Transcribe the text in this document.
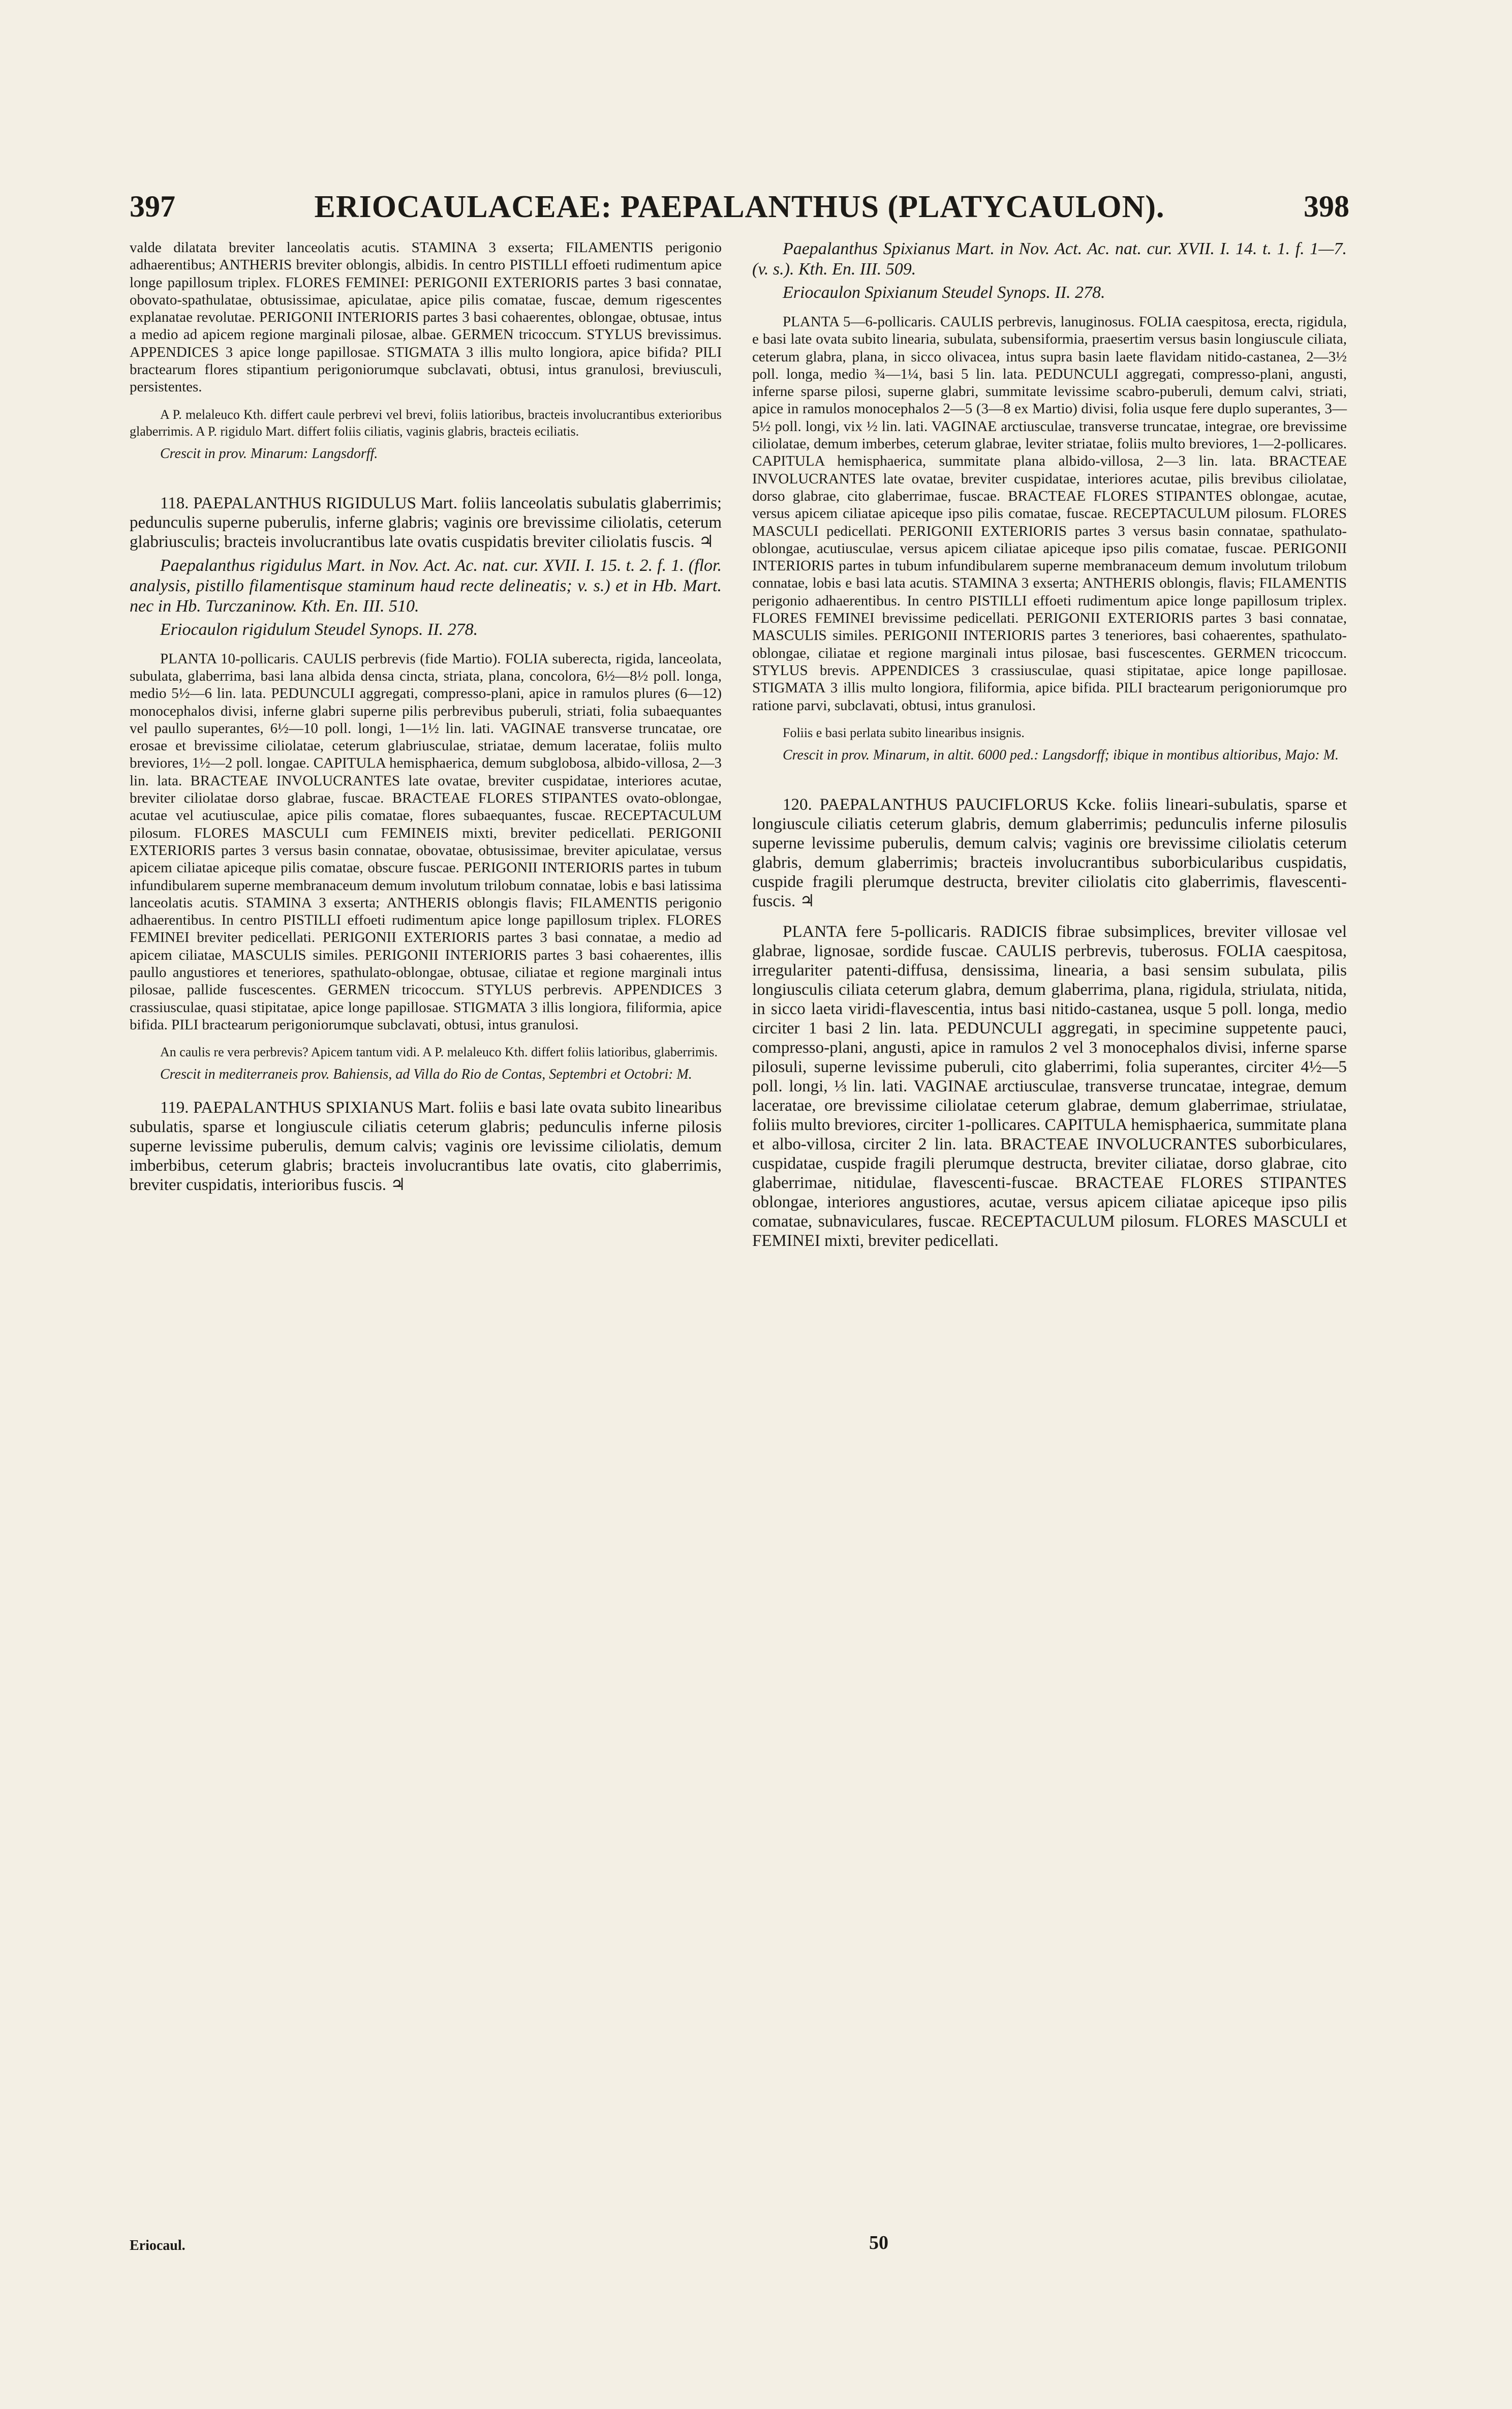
397	ERIOCAULACEAE: PAEPALANTHUS (PLATYCAULON).	398

valde dilatata breviter lanceolatis acutis. STAMINA 3 exserta; FILAMENTIS perigonio adhaerentibus; ANTHERIS breviter oblongis, albidis. In centro PISTILLI effoeti rudimentum apice longe papillosum triplex. FLORES FEMINEI: PERIGONII EXTERIORIS partes 3 basi connatae, obovato-spathulatae, obtusissimae, apiculatae, apice pilis comatae, fuscae, demum rigescentes explanatae revolutae. PERIGONII INTERIORIS partes 3 basi cohaerentes, oblongae, obtusae, intus a medio ad apicem regione marginali pilosae, albae. GERMEN tricoccum. STYLUS brevissimus. APPENDICES 3 apice longe papillosae. STIGMATA 3 illis multo longiora, apice bifida? PILI bractearum flores stipantium perigoniorumque subclavati, obtusi, intus granulosi, breviusculi, persistentes.

A P. melaleuco Kth. differt caule perbrevi vel brevi, foliis latioribus, bracteis involucrantibus exterioribus glaberrimis. A P. rigidulo Mart. differt foliis ciliatis, vaginis glabris, bracteis eciliatis.

Crescit in prov. Minarum: Langsdorff.

118. PAEPALANTHUS RIGIDULUS Mart. foliis lanceolatis subulatis glaberrimis; pedunculis superne puberulis, inferne glabris; vaginis ore brevissime ciliolatis, ceterum glabriusculis; bracteis involucrantibus late ovatis cuspidatis breviter ciliolatis fuscis. ♃

Paepalanthus rigidulus Mart. in Nov. Act. Ac. nat. cur. XVII. I. 15. t. 2. f. 1. (flor. analysis, pistillo filamentisque staminum haud recte delineatis; v. s.) et in Hb. Mart. nec in Hb. Turczaninow. Kth. En. III. 510.

Eriocaulon rigidulum Steudel Synops. II. 278.

PLANTA 10-pollicaris. CAULIS perbrevis (fide Martio). FOLIA suberecta, rigida, lanceolata, subulata, glaberrima, basi lana albida densa cincta, striata, plana, concolora, 6½—8½ poll. longa, medio 5½—6 lin. lata. PEDUNCULI aggregati, compresso-plani, apice in ramulos plures (6—12) monocephalos divisi, inferne glabri superne pilis perbrevibus puberuli, striati, folia subaequantes vel paullo superantes, 6½—10 poll. longi, 1—1½ lin. lati. VAGINAE transverse truncatae, ore erosae et brevissime ciliolatae, ceterum glabriusculae, striatae, demum laceratae, foliis multo breviores, 1½—2 poll. longae. CAPITULA hemisphaerica, demum subglobosa, albido-villosa, 2—3 lin. lata. BRACTEAE INVOLUCRANTES late ovatae, breviter cuspidatae, interiores acutae, breviter ciliolatae dorso glabrae, fuscae. BRACTEAE FLORES STIPANTES ovato-oblongae, acutae vel acutiusculae, apice pilis comatae, flores subaequantes, fuscae. RECEPTACULUM pilosum. FLORES MASCULI cum FEMINEIS mixti, breviter pedicellati. PERIGONII EXTERIORIS partes 3 versus basin connatae, obovatae, obtusissimae, breviter apiculatae, versus apicem ciliatae apiceque pilis comatae, obscure fuscae. PERIGONII INTERIORIS partes in tubum infundibularem superne membranaceum demum involutum trilobum connatae, lobis e basi latissima lanceolatis acutis. STAMINA 3 exserta; ANTHERIS oblongis flavis; FILAMENTIS perigonio adhaerentibus. In centro PISTILLI effoeti rudimentum apice longe papillosum triplex. FLORES FEMINEI breviter pedicellati. PERIGONII EXTERIORIS partes 3 basi connatae, a medio ad apicem ciliatae, MASCULIS similes. PERIGONII INTERIORIS partes 3 basi cohaerentes, illis paullo angustiores et teneriores, spathulato-oblongae, obtusae, ciliatae et regione marginali intus pilosae, pallide fuscescentes. GERMEN tricoccum. STYLUS perbrevis. APPENDICES 3 crassiusculae, quasi stipitatae, apice longe papillosae. STIGMATA 3 illis longiora, filiformia, apice bifida. PILI bractearum perigoniorumque subclavati, obtusi, intus granulosi.

An caulis re vera perbrevis? Apicem tantum vidi. A P. melaleuco Kth. differt foliis latioribus, glaberrimis.

Crescit in mediterraneis prov. Bahiensis, ad Villa do Rio de Contas, Septembri et Octobri: M.

119. PAEPALANTHUS SPIXIANUS Mart. foliis e basi late ovata subito linearibus subulatis, sparse et longiuscule ciliatis ceterum glabris; pedunculis inferne pilosis superne levissime puberulis, demum calvis; vaginis ore levissime ciliolatis, demum imberbibus, ceterum glabris; bracteis involucrantibus late ovatis, cito glaberrimis, breviter cuspidatis, interioribus fuscis. ♃

Paepalanthus Spixianus Mart. in Nov. Act. Ac. nat. cur. XVII. I. 14. t. 1. f. 1—7. (v. s.). Kth. En. III. 509.

Eriocaulon Spixianum Steudel Synops. II. 278.

PLANTA 5—6-pollicaris. CAULIS perbrevis, lanuginosus. FOLIA caespitosa, erecta, rigidula, e basi late ovata subito linearia, subulata, subensiformia, praesertim versus basin longiuscule ciliata, ceterum glabra, plana, in sicco olivacea, intus supra basin laete flavidam nitido-castanea, 2—3½ poll. longa, medio ¾—1¼, basi 5 lin. lata. PEDUNCULI aggregati, compresso-plani, angusti, inferne sparse pilosi, superne glabri, summitate levissime scabro-puberuli, demum calvi, striati, apice in ramulos monocephalos 2—5 (3—8 ex Martio) divisi, folia usque fere duplo superantes, 3—5½ poll. longi, vix ½ lin. lati. VAGINAE arctiusculae, transverse truncatae, integrae, ore brevissime ciliolatae, demum imberbes, ceterum glabrae, leviter striatae, foliis multo breviores, 1—2-pollicares. CAPITULA hemisphaerica, summitate plana albido-villosa, 2—3 lin. lata. BRACTEAE INVOLUCRANTES late ovatae, breviter cuspidatae, interiores acutae, pilis brevibus ciliolatae, dorso glabrae, cito glaberrimae, fuscae. BRACTEAE FLORES STIPANTES oblongae, acutae, versus apicem ciliatae apiceque ipso pilis comatae, fuscae. RECEPTACULUM pilosum. FLORES MASCULI pedicellati. PERIGONII EXTERIORIS partes 3 versus basin connatae, spathulato-oblongae, acutiusculae, versus apicem ciliatae apiceque ipso pilis comatae, fuscae. PERIGONII INTERIORIS partes in tubum infundibularem superne membranaceum demum involutum trilobum connatae, lobis e basi lata acutis. STAMINA 3 exserta; ANTHERIS oblongis, flavis; FILAMENTIS perigonio adhaerentibus. In centro PISTILLI effoeti rudimentum apice longe papillosum triplex. FLORES FEMINEI brevissime pedicellati. PERIGONII EXTERIORIS partes 3 basi connatae, MASCULIS similes. PERIGONII INTERIORIS partes 3 teneriores, basi cohaerentes, spathulato-oblongae, ciliatae et regione marginali intus pilosae, basi fuscescentes. GERMEN tricoccum. STYLUS brevis. APPENDICES 3 crassiusculae, quasi stipitatae, apice longe papillosae. STIGMATA 3 illis multo longiora, filiformia, apice bifida. PILI bractearum perigoniorumque pro ratione parvi, subclavati, obtusi, intus granulosi.

Foliis e basi perlata subito linearibus insignis.

Crescit in prov. Minarum, in altit. 6000 ped.: Langsdorff; ibique in montibus altioribus, Majo: M.

120. PAEPALANTHUS PAUCIFLORUS Kcke. foliis lineari-subulatis, sparse et longiuscule ciliatis ceterum glabris, demum glaberrimis; pedunculis inferne pilosulis superne levissime puberulis, demum calvis; vaginis ore brevissime ciliolatis ceterum glabris, demum glaberrimis; bracteis involucrantibus suborbicularibus cuspidatis, cuspide fragili plerumque destructa, breviter ciliolatis cito glaberrimis, flavescenti-fuscis. ♃

PLANTA fere 5-pollicaris. RADICIS fibrae subsimplices, breviter villosae vel glabrae, lignosae, sordide fuscae. CAULIS perbrevis, tuberosus. FOLIA caespitosa, irregulariter patenti-diffusa, densissima, linearia, a basi sensim subulata, pilis longiusculis ciliata ceterum glabra, demum glaberrima, plana, rigidula, striulata, nitida, in sicco laeta viridi-flavescentia, intus basi nitido-castanea, usque 5 poll. longa, medio circiter 1 basi 2 lin. lata. PEDUNCULI aggregati, in specimine suppetente pauci, compresso-plani, angusti, apice in ramulos 2 vel 3 monocephalos divisi, inferne sparse pilosuli, superne levissime puberuli, cito glaberrimi, folia superantes, circiter 4½—5 poll. longi, ⅓ lin. lati. VAGINAE arctiusculae, transverse truncatae, integrae, demum laceratae, ore brevissime ciliolatae ceterum glabrae, demum glaberrimae, striulatae, foliis multo breviores, circiter 1-pollicares. CAPITULA hemisphaerica, summitate plana et albo-villosa, circiter 2 lin. lata. BRACTEAE INVOLUCRANTES suborbiculares, cuspidatae, cuspide fragili plerumque destructa, breviter ciliatae, dorso glabrae, cito glaberrimae, nitidulae, flavescenti-fuscae. BRACTEAE FLORES STIPANTES oblongae, interiores angustiores, acutae, versus apicem ciliatae apiceque ipso pilis comatae, subnaviculares, fuscae. RECEPTACULUM pilosum. FLORES MASCULI et FEMINEI mixti, breviter pedicellati.

Eriocaul.	50
